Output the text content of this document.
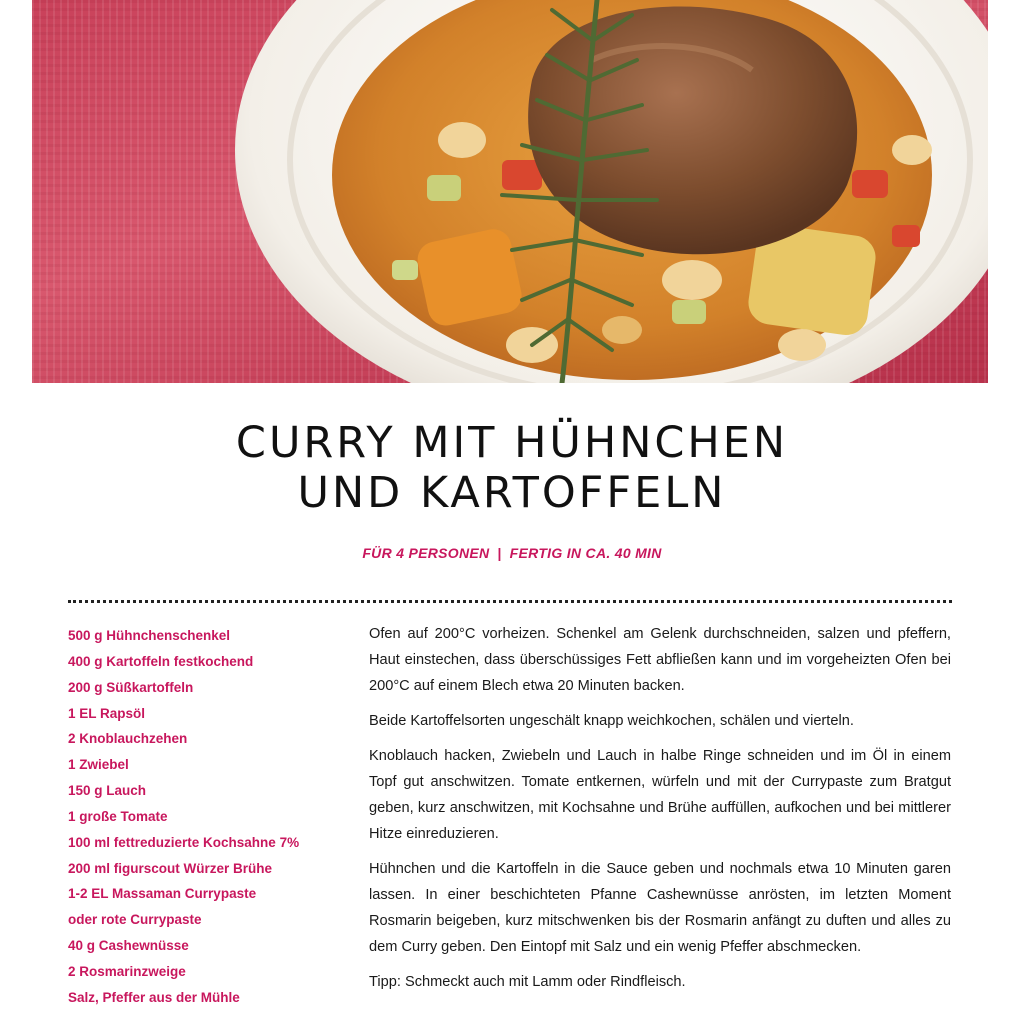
CURRY MIT HÜHNCHEN
UND KARTOFFELN
FÜR 4 PERSONEN | FERTIG IN CA. 40 MIN
500 g Hühnchenschenkel
400 g Kartoffeln festkochend
200 g Süßkartoffeln
1 EL Rapsöl
2 Knoblauchzehen
1 Zwiebel
150 g Lauch
1 große Tomate
100 ml fettreduzierte Kochsahne 7%
200 ml figurscout Würzer Brühe
1-2 EL Massaman Currypaste
oder rote Currypaste
40 g Cashewnüsse
2 Rosmarinzweige
Salz, Pfeffer aus der Mühle

Ofen auf 200°C vorheizen. Schenkel am Gelenk durchschneiden, salzen und pfeffern, Haut einstechen, dass überschüssiges Fett abfließen kann und im vorgeheizten Ofen bei 200°C auf einem Blech etwa 20 Minuten backen.

Beide Kartoffelsorten ungeschält knapp weichkochen, schälen und vierteln.

Knoblauch hacken, Zwiebeln und Lauch in halbe Ringe schneiden und im Öl in einem Topf gut anschwitzen. Tomate entkernen, würfeln und mit der Currypaste zum Bratgut geben, kurz anschwitzen, mit Kochsahne und Brühe auffüllen, aufkochen und bei mittlerer Hitze einreduzieren.

Hühnchen und die Kartoffeln in die Sauce geben und nochmals etwa 10 Minuten garen lassen. In einer beschichteten Pfanne Cashewnüsse anrösten, im letzten Moment Rosmarin beigeben, kurz mitschwenken bis der Rosmarin anfängt zu duften und alles zu dem Curry geben. Den Eintopf mit Salz und ein wenig Pfeffer abschmecken.

Tipp: Schmeckt auch mit Lamm oder Rindfleisch.
